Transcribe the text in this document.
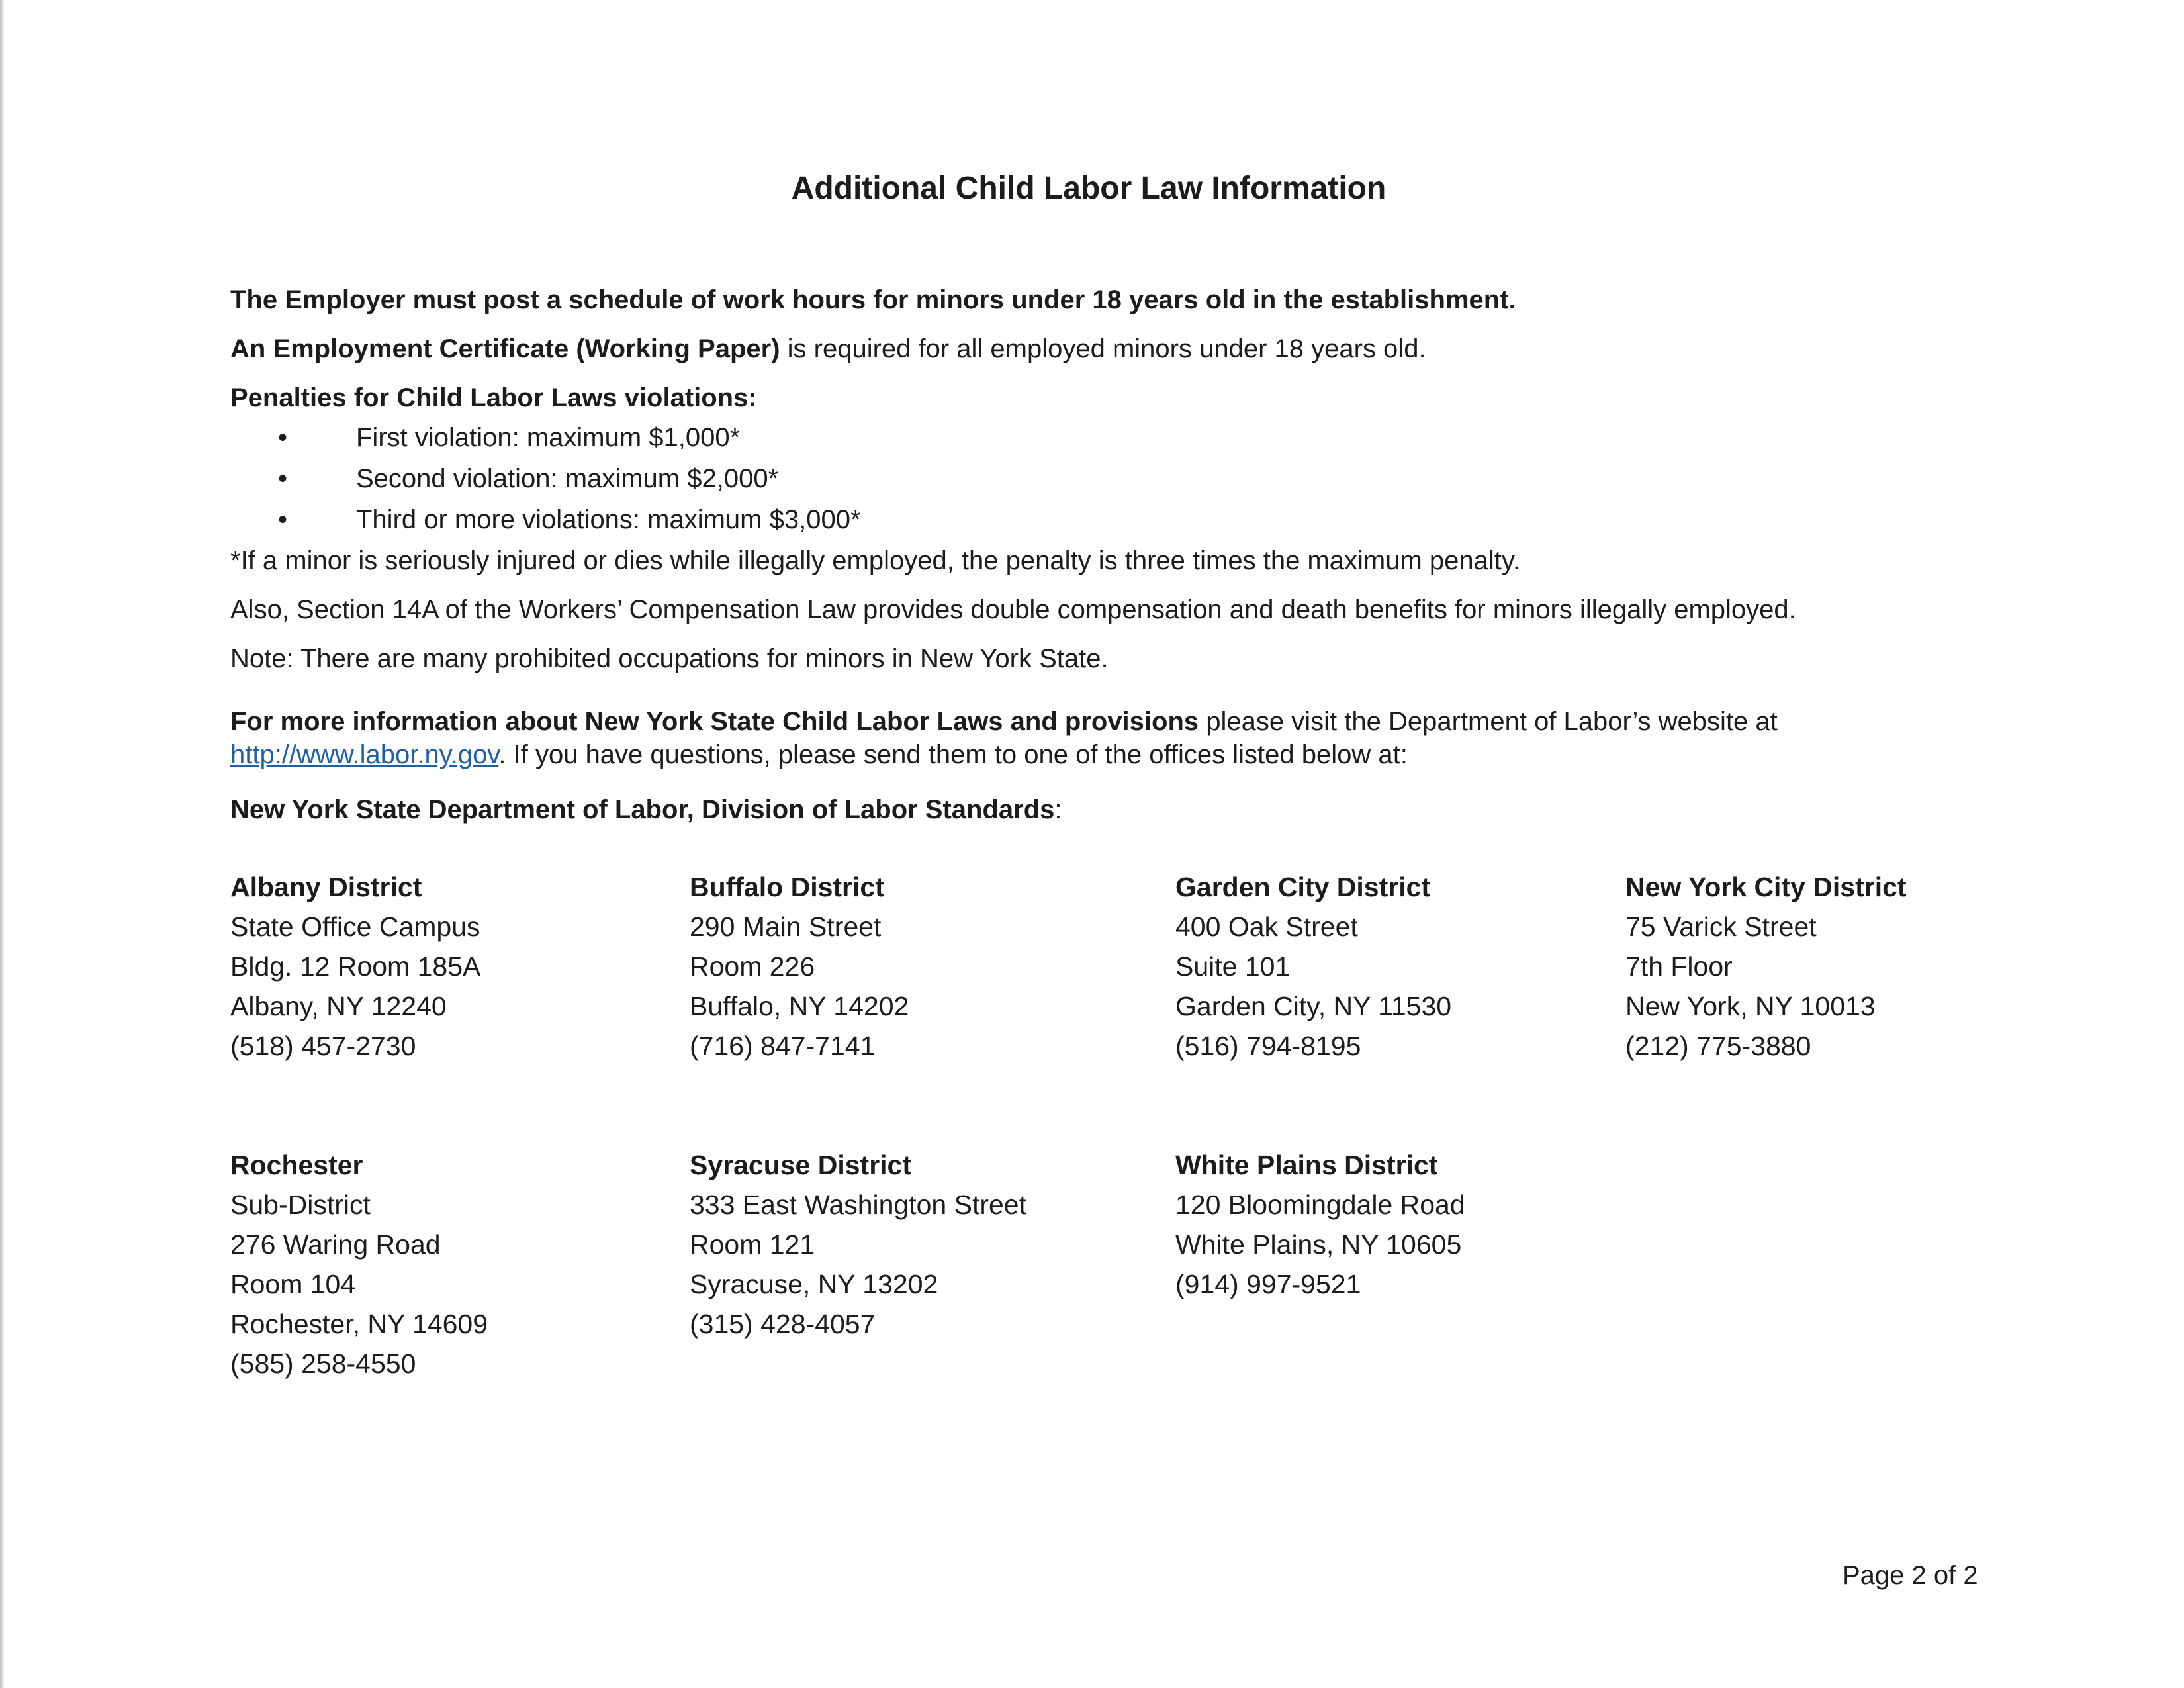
Additional Child Labor Law Information

The Employer must post a schedule of work hours for minors under 18 years old in the establishment.

An Employment Certificate (Working Paper) is required for all employed minors under 18 years old.

Penalties for Child Labor Laws violations:

• First violation: maximum $1,000*
• Second violation: maximum $2,000*
• Third or more violations: maximum $3,000*

*If a minor is seriously injured or dies while illegally employed, the penalty is three times the maximum penalty.

Also, Section 14A of the Workers’ Compensation Law provides double compensation and death benefits for minors illegally employed.

Note: There are many prohibited occupations for minors in New York State.

For more information about New York State Child Labor Laws and provisions please visit the Department of Labor’s website at
http://www.labor.ny.gov. If you have questions, please send them to one of the offices listed below at:

New York State Department of Labor, Division of Labor Standards:

Albany District
State Office Campus
Bldg. 12 Room 185A
Albany, NY 12240
(518) 457-2730
Buffalo District
290 Main Street
Room 226
Buffalo, NY 14202
(716) 847-7141
Garden City District
400 Oak Street
Suite 101
Garden City, NY 11530
(516) 794-8195
New York City District
75 Varick Street
7th Floor
New York, NY 10013
(212) 775-3880
Rochester
Sub-District
276 Waring Road
Room 104
Rochester, NY 14609
(585) 258-4550
Syracuse District
333 East Washington Street
Room 121
Syracuse, NY 13202
(315) 428-4057
White Plains District
120 Bloomingdale Road
White Plains, NY 10605
(914) 997-9521
Page 2 of 2
